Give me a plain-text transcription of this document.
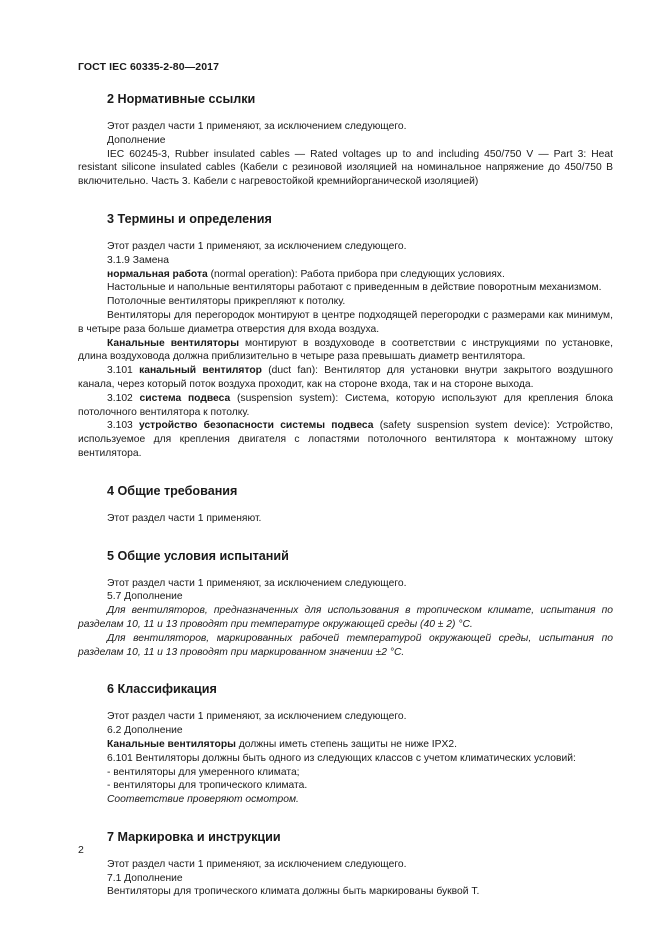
ГОСТ IEC 60335-2-80—2017
2 Нормативные ссылки

Этот раздел части 1 применяют, за исключением следующего.

Дополнение

IEC 60245-3, Rubber insulated cables — Rated voltages up to and including 450/750 V — Part 3: Heat resistant silicone insulated cables (Кабели с резиновой изоляцией на номинальное напряжение до 450/750 В включительно. Часть 3. Кабели с нагревостойкой кремнийорганической изоляцией)

3 Термины и определения

Этот раздел части 1 применяют, за исключением следующего.

3.1.9 Замена

нормальная работа (normal operation): Работа прибора при следующих условиях.

Настольные и напольные вентиляторы работают с приведенным в действие поворотным механизмом.

Потолочные вентиляторы прикрепляют к потолку.

Вентиляторы для перегородок монтируют в центре подходящей перегородки с размерами как минимум, в четыре раза больше диаметра отверстия для входа воздуха.

Канальные вентиляторы монтируют в воздуховоде в соответствии с инструкциями по установке, длина воздуховода должна приблизительно в четыре раза превышать диаметр вентилятора.

3.101 канальный вентилятор (duct fan): Вентилятор для установки внутри закрытого воздушного канала, через который поток воздуха проходит, как на стороне входа, так и на стороне выхода.

3.102 система подвеса (suspension system): Система, которую используют для крепления блока потолочного вентилятора к потолку.

3.103 устройство безопасности системы подвеса (safety suspension system device): Устройство, используемое для крепления двигателя с лопастями потолочного вентилятора к монтажному штоку вентилятора.

4 Общие требования

Этот раздел части 1 применяют.

5 Общие условия испытаний

Этот раздел части 1 применяют, за исключением следующего.

5.7 Дополнение

Для вентиляторов, предназначенных для использования в тропическом климате, испытания по разделам 10, 11 и 13 проводят при температуре окружающей среды (40 ± 2) °С.

Для вентиляторов, маркированных рабочей температурой окружающей среды, испытания по разделам 10, 11 и 13 проводят при маркированном значении ±2 °С.

6 Классификация

Этот раздел части 1 применяют, за исключением следующего.

6.2 Дополнение

Канальные вентиляторы должны иметь степень защиты не ниже IPX2.

6.101 Вентиляторы должны быть одного из следующих классов с учетом климатических условий:

- вентиляторы для умеренного климата;

- вентиляторы для тропического климата.

Соответствие проверяют осмотром.

7 Маркировка и инструкции

Этот раздел части 1 применяют, за исключением следующего.

7.1 Дополнение

Вентиляторы для тропического климата должны быть маркированы буквой Т.

2
